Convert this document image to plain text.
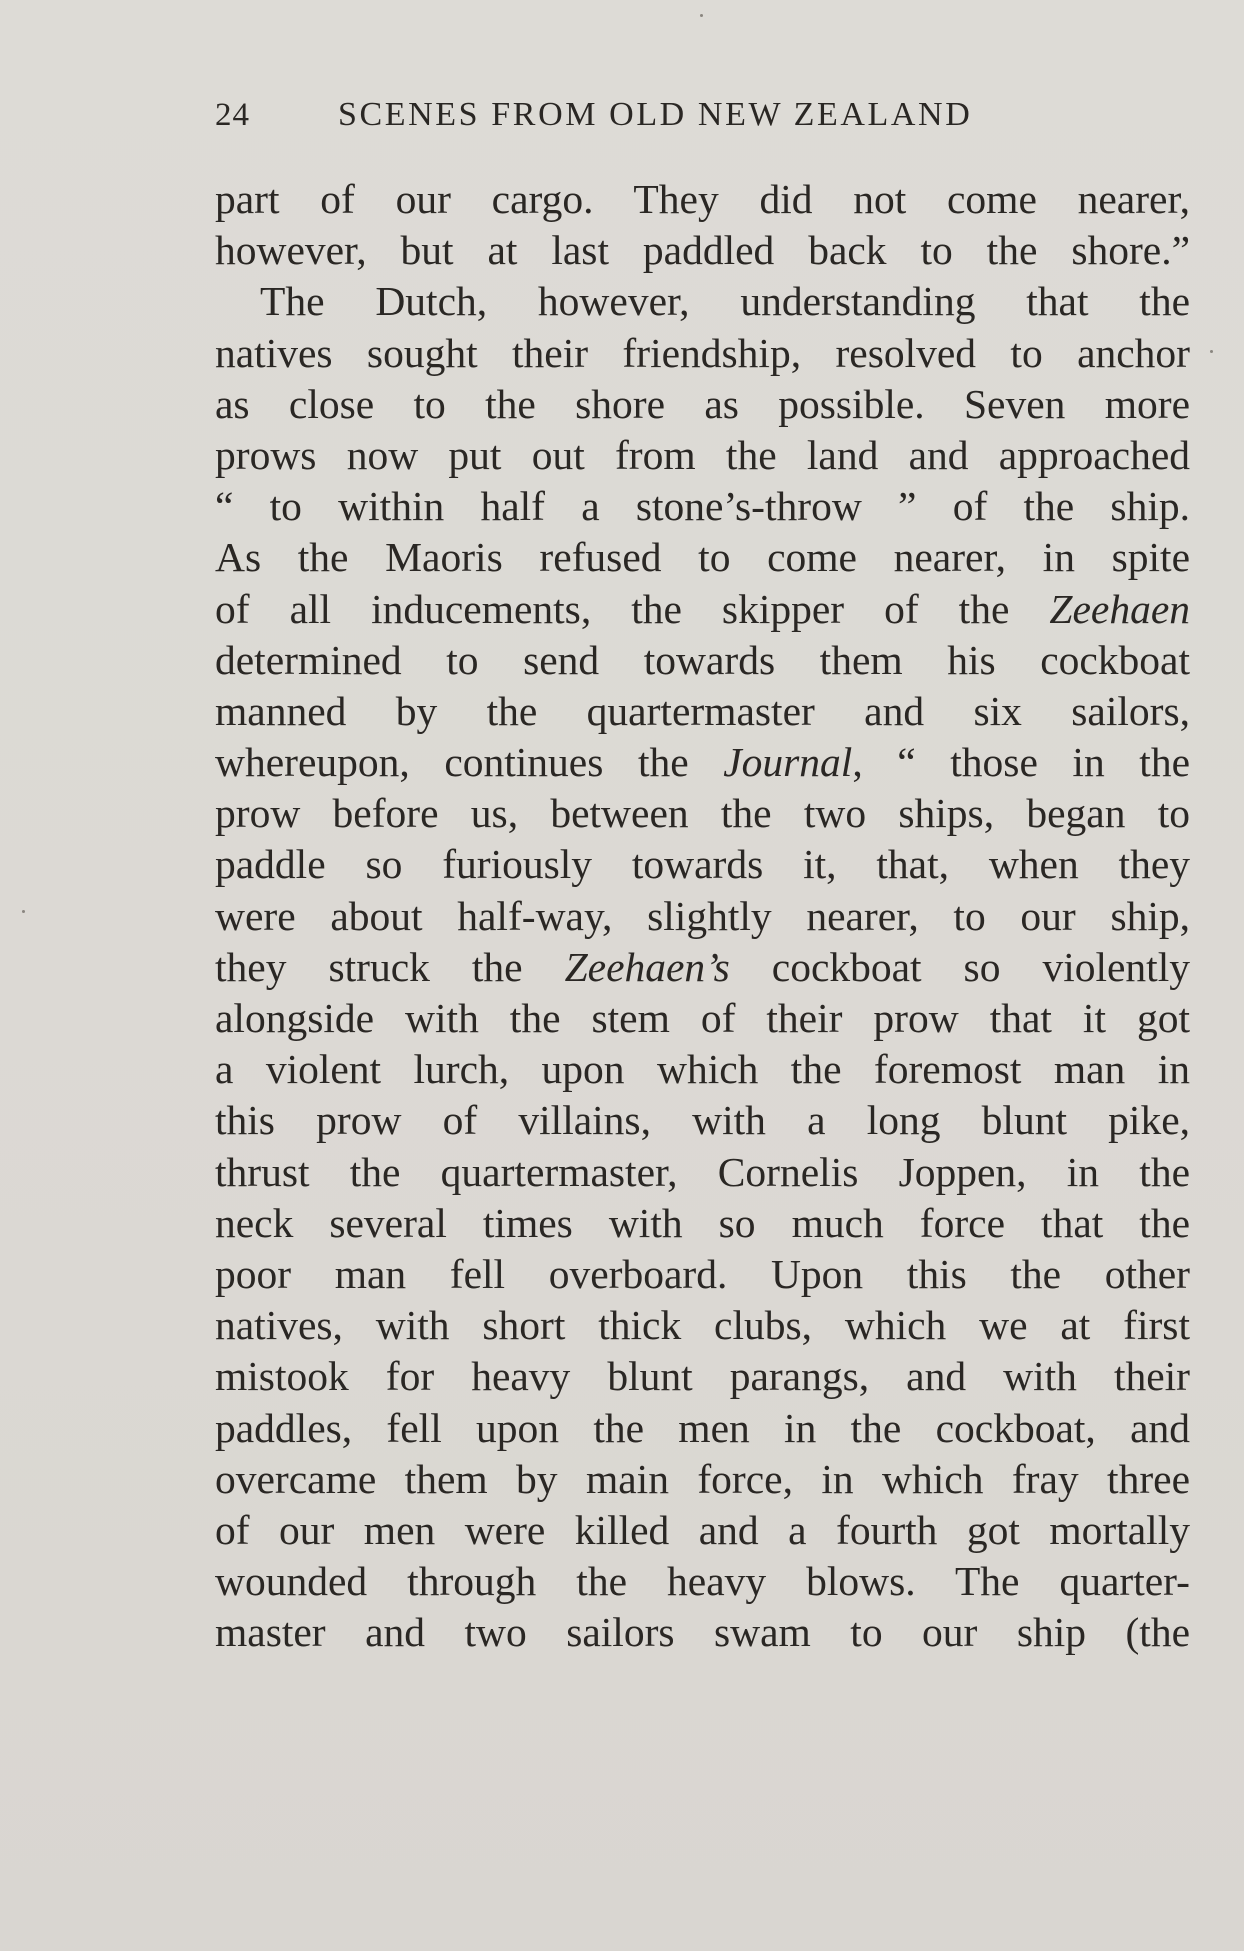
24	SCENES FROM OLD NEW ZEALAND
part of our cargo. They did not come nearer,
however, but at last paddled back to the shore.”
The Dutch, however, understanding that the
natives sought their friendship, resolved to anchor
as close to the shore as possible. Seven more
prows now put out from the land and approached
“ to within half a stone’s-throw ” of the ship.
As the Maoris refused to come nearer, in spite
of all inducements, the skipper of the Zeehaen
determined to send towards them his cockboat
manned by the quartermaster and six sailors,
whereupon, continues the Journal, “ those in the
prow before us, between the two ships, began to
paddle so furiously towards it, that, when they
were about half-way, slightly nearer, to our ship,
they struck the Zeehaen’s cockboat so violently
alongside with the stem of their prow that it got
a violent lurch, upon which the foremost man in
this prow of villains, with a long blunt pike,
thrust the quartermaster, Cornelis Joppen, in the
neck several times with so much force that the
poor man fell overboard. Upon this the other
natives, with short thick clubs, which we at first
mistook for heavy blunt parangs, and with their
paddles, fell upon the men in the cockboat, and
overcame them by main force, in which fray three
of our men were killed and a fourth got mortally
wounded through the heavy blows. The quarter-
master and two sailors swam to our ship (the
